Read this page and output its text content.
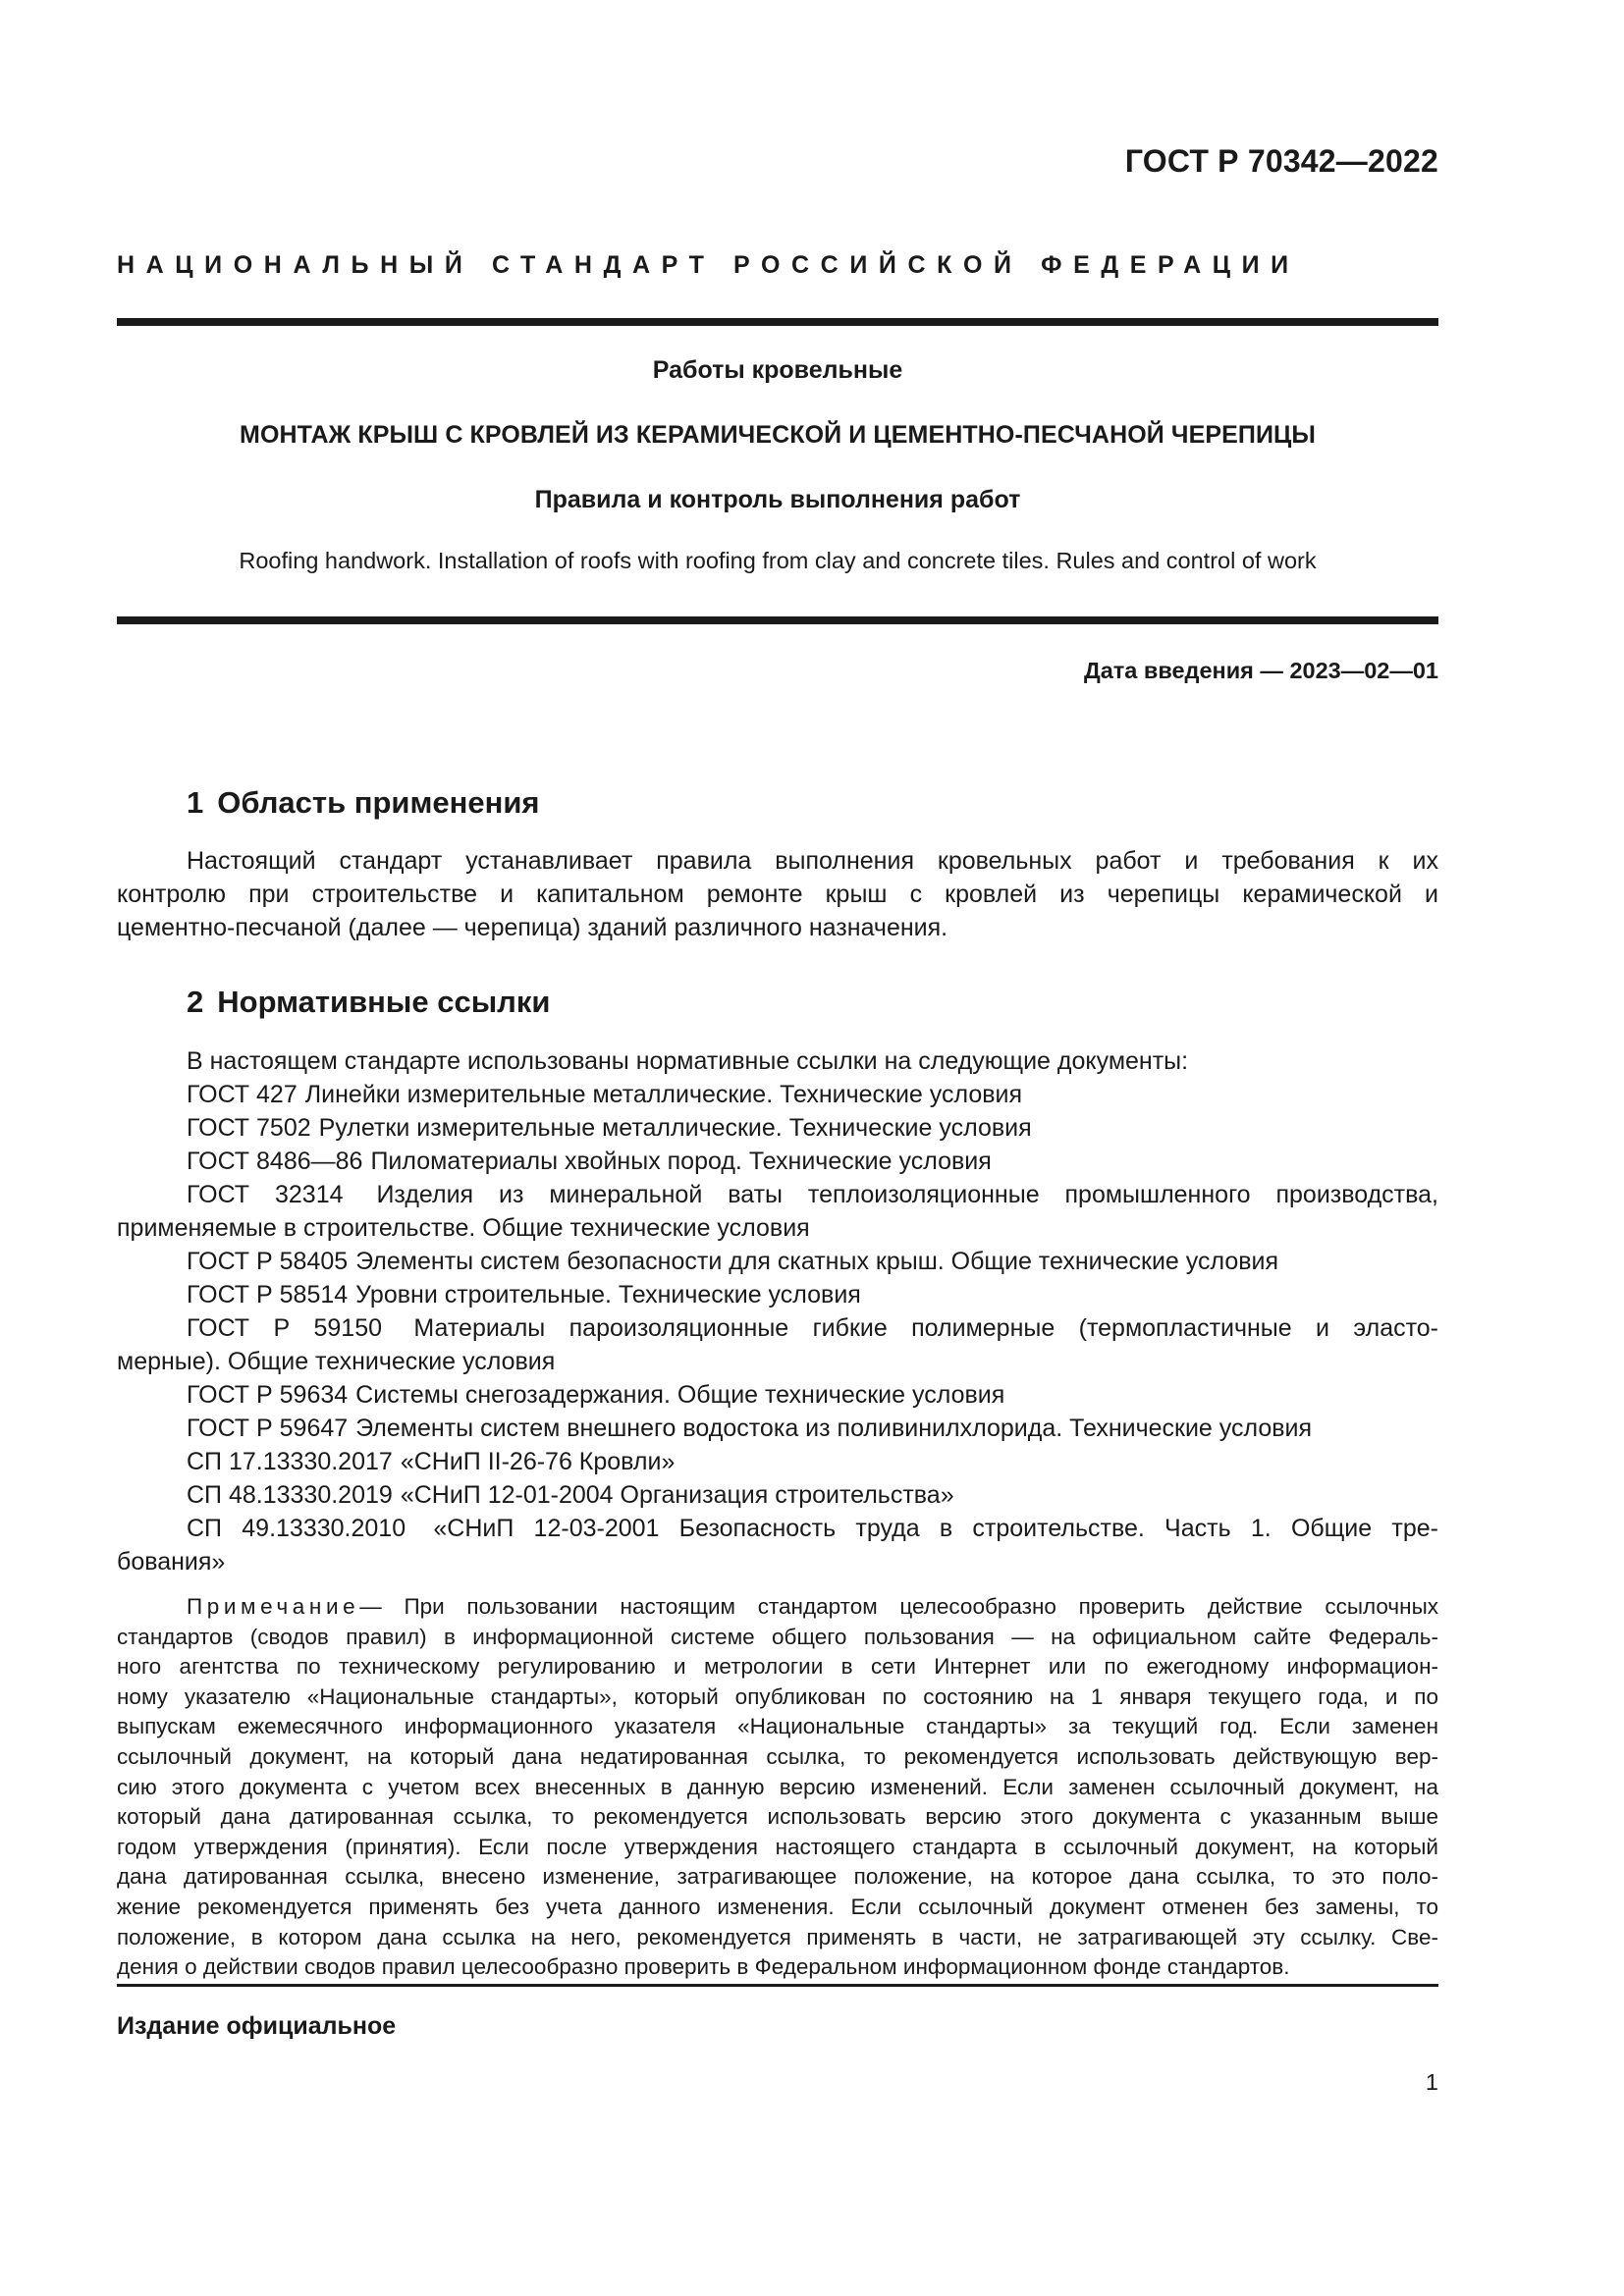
ГОСТ Р 70342—2022
НАЦИОНАЛЬНЫЙ СТАНДАРТ РОССИЙСКОЙ ФЕДЕРАЦИИ
Работы кровельные
МОНТАЖ КРЫШ С КРОВЛЕЙ ИЗ КЕРАМИЧЕСКОЙ И ЦЕМЕНТНО-ПЕСЧАНОЙ ЧЕРЕПИЦЫ
Правила и контроль выполнения работ
Roofing handwork. Installation of roofs with roofing from clay and concrete tiles. Rules and control of work
Дата введения — 2023—02—01
1 Область применения
Настоящий стандарт устанавливает правила выполнения кровельных работ и требования к их
контролю при строительстве и капитальном ремонте крыш с кровлей из черепицы керамической и
цементно-песчаной (далее — черепица) зданий различного назначения.
2 Нормативные ссылки
В настоящем стандарте использованы нормативные ссылки на следующие документы:
ГОСТ 427 Линейки измерительные металлические. Технические условия
ГОСТ 7502 Рулетки измерительные металлические. Технические условия
ГОСТ 8486—86 Пиломатериалы хвойных пород. Технические условия
ГОСТ 32314 Изделия из минеральной ваты теплоизоляционные промышленного производства,
применяемые в строительстве. Общие технические условия
ГОСТ Р 58405 Элементы систем безопасности для скатных крыш. Общие технические условия
ГОСТ Р 58514 Уровни строительные. Технические условия
ГОСТ Р 59150 Материалы пароизоляционные гибкие полимерные (термопластичные и эласто-
мерные). Общие технические условия
ГОСТ Р 59634 Системы снегозадержания. Общие технические условия
ГОСТ Р 59647 Элементы систем внешнего водостока из поливинилхлорида. Технические условия
СП 17.13330.2017 «СНиП II-26-76 Кровли»
СП 48.13330.2019 «СНиП 12-01-2004 Организация строительства»
СП 49.13330.2010 «СНиП 12-03-2001 Безопасность труда в строительстве. Часть 1. Общие тре-
бования»
Примечание— При пользовании настоящим стандартом целесообразно проверить действие ссылочных
стандартов (сводов правил) в информационной системе общего пользования — на официальном сайте Федераль-
ного агентства по техническому регулированию и метрологии в сети Интернет или по ежегодному информацион-
ному указателю «Национальные стандарты», который опубликован по состоянию на 1 января текущего года, и по
выпускам ежемесячного информационного указателя «Национальные стандарты» за текущий год. Если заменен
ссылочный документ, на который дана недатированная ссылка, то рекомендуется использовать действующую вер-
сию этого документа с учетом всех внесенных в данную версию изменений. Если заменен ссылочный документ, на
который дана датированная ссылка, то рекомендуется использовать версию этого документа с указанным выше
годом утверждения (принятия). Если после утверждения настоящего стандарта в ссылочный документ, на который
дана датированная ссылка, внесено изменение, затрагивающее положение, на которое дана ссылка, то это поло-
жение рекомендуется применять без учета данного изменения. Если ссылочный документ отменен без замены, то
положение, в котором дана ссылка на него, рекомендуется применять в части, не затрагивающей эту ссылку. Све-
дения о действии сводов правил целесообразно проверить в Федеральном информационном фонде стандартов.
Издание официальное
1
